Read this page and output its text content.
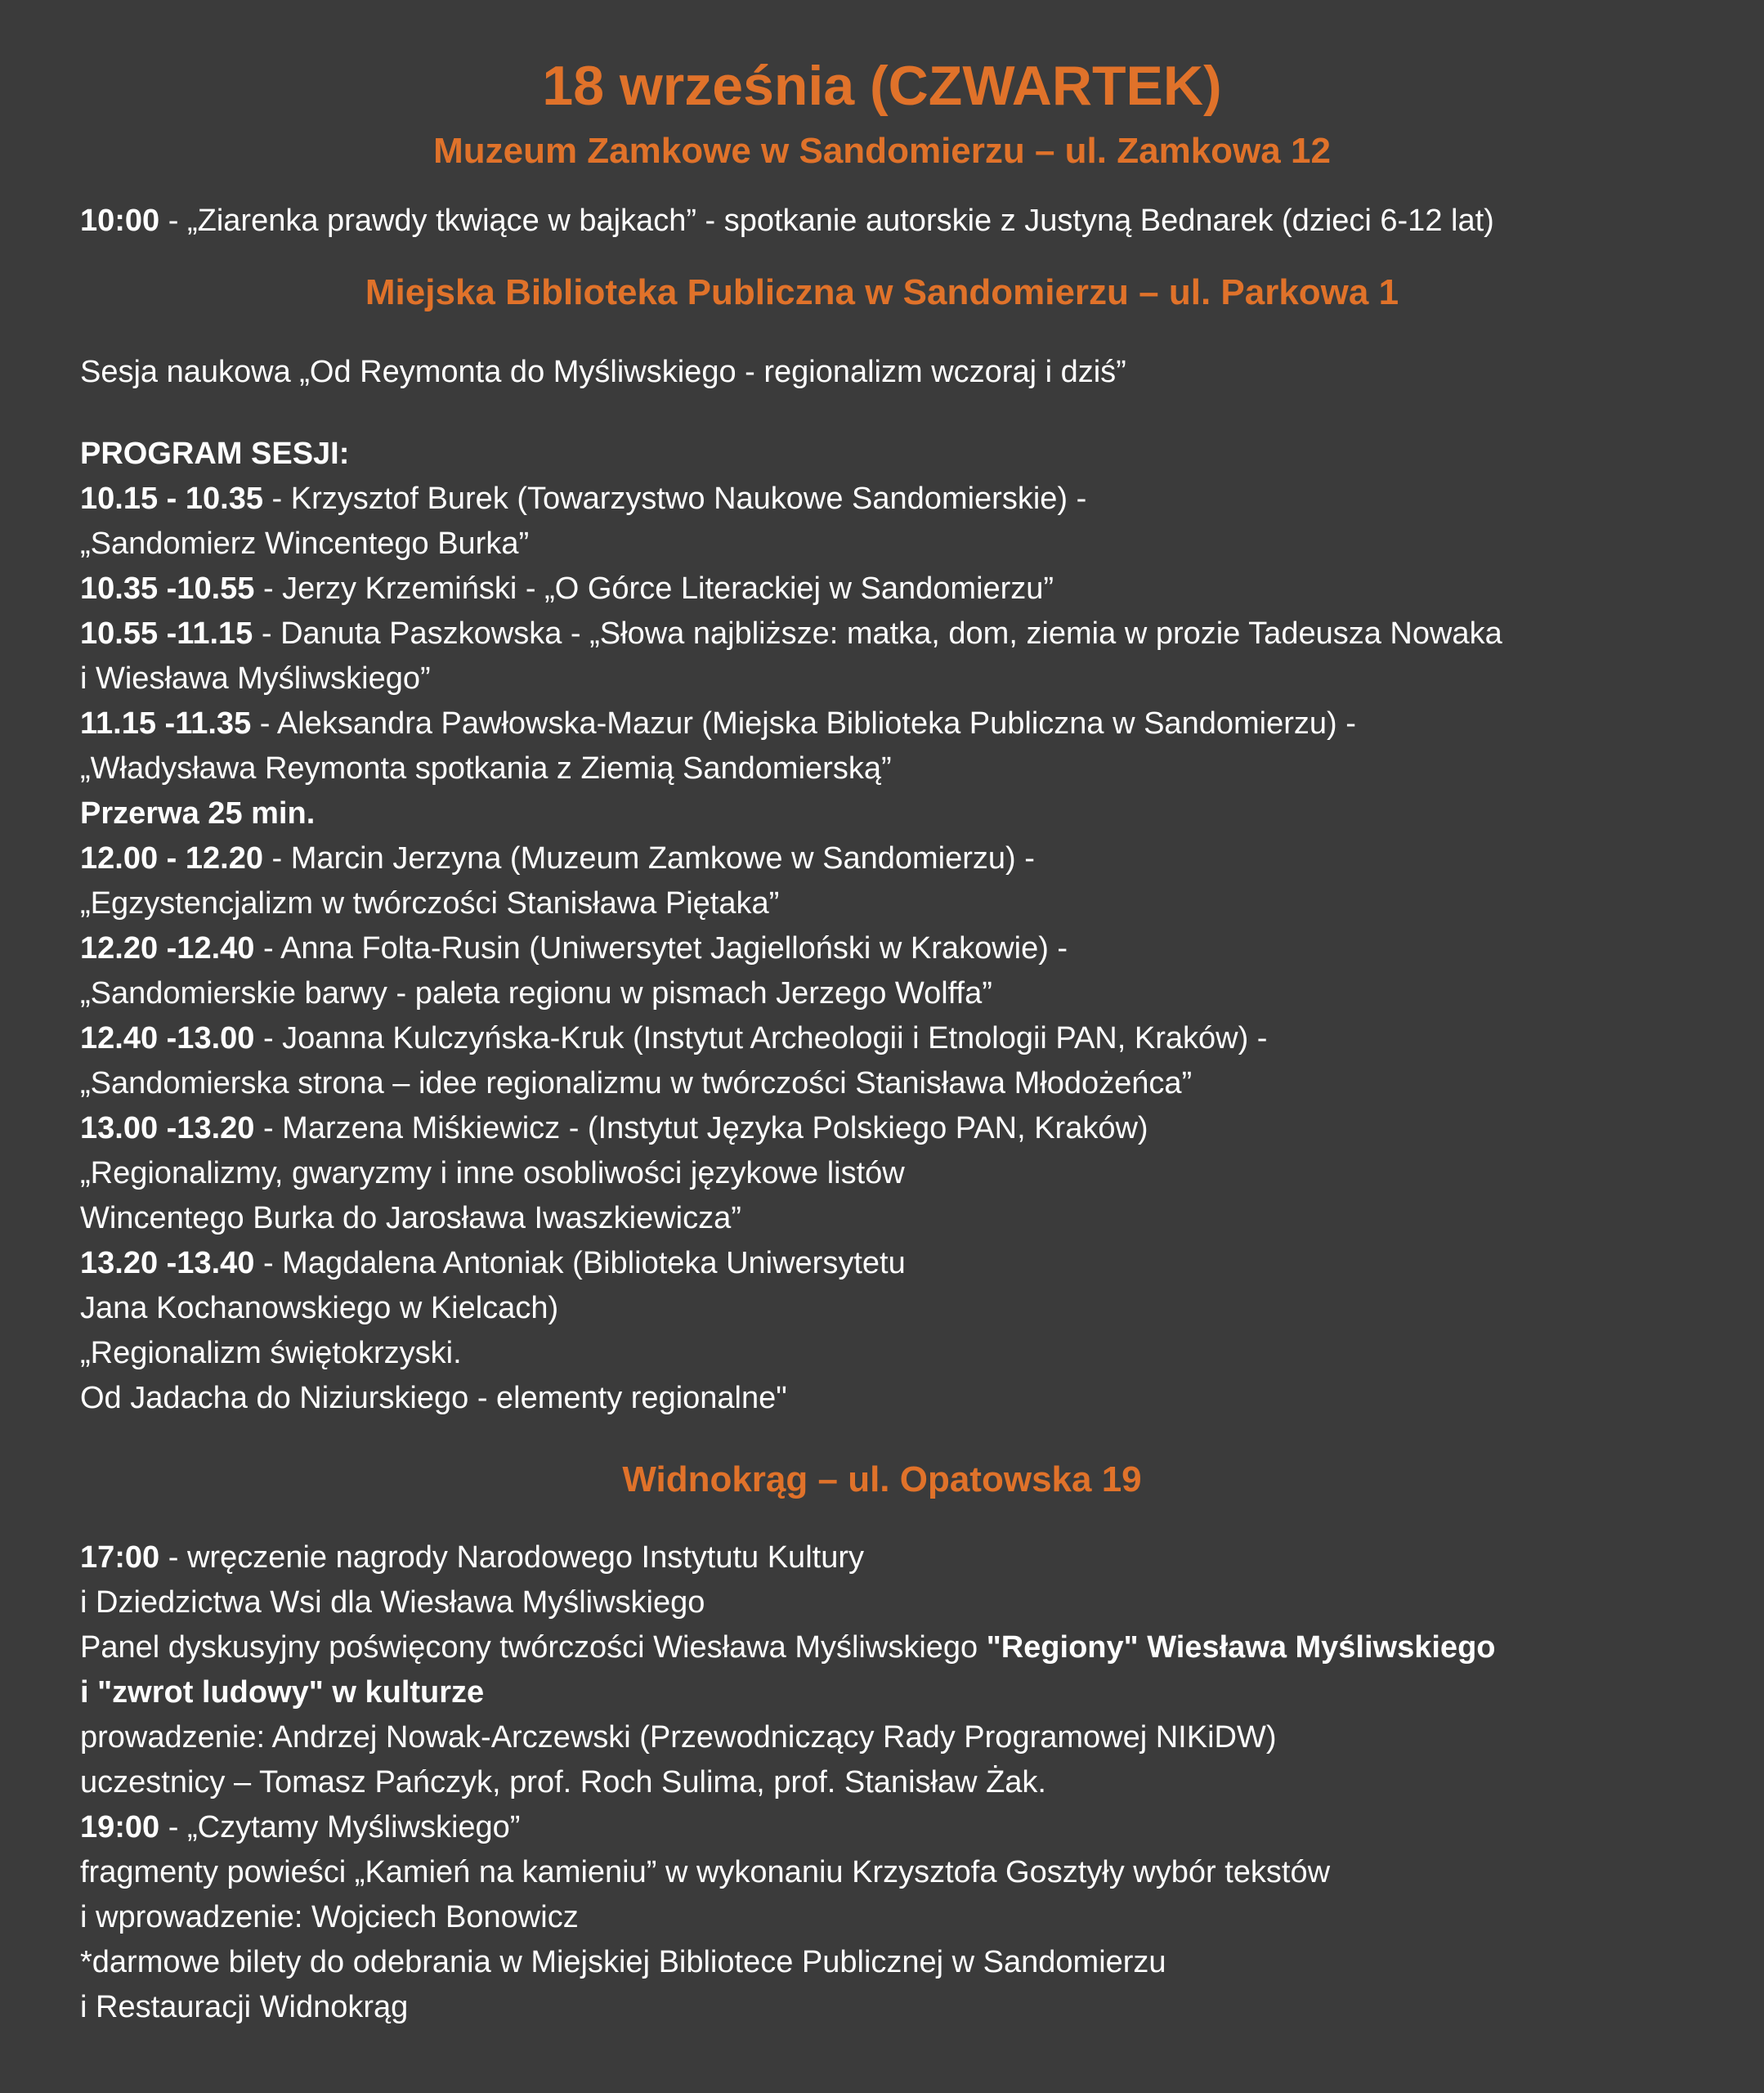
18 września (CZWARTEK)
Muzeum Zamkowe w Sandomierzu – ul. Zamkowa 12
10:00 - „Ziarenka prawdy tkwiące w bajkach” - spotkanie autorskie z Justyną Bednarek (dzieci 6-12 lat)
Miejska Biblioteka Publiczna w Sandomierzu – ul. Parkowa 1
Sesja naukowa „Od Reymonta do Myśliwskiego - regionalizm wczoraj i dziś”
PROGRAM SESJI:
10.15 - 10.35 - Krzysztof Burek (Towarzystwo Naukowe Sandomierskie) -
„Sandomierz Wincentego Burka”
10.35 -10.55 - Jerzy Krzemiński - „O Górce Literackiej w Sandomierzu”
10.55 -11.15 - Danuta Paszkowska - „Słowa najbliższe: matka, dom, ziemia w prozie Tadeusza Nowaka
i Wiesława Myśliwskiego”
11.15 -11.35 - Aleksandra Pawłowska-Mazur (Miejska Biblioteka Publiczna w Sandomierzu) -
„Władysława Reymonta spotkania z Ziemią Sandomierską”
Przerwa 25 min.
12.00 - 12.20 - Marcin Jerzyna (Muzeum Zamkowe w Sandomierzu) -
„Egzystencjalizm w twórczości Stanisława Piętaka”
12.20 -12.40 - Anna Folta-Rusin (Uniwersytet Jagielloński w Krakowie) -
„Sandomierskie barwy - paleta regionu w pismach Jerzego Wolffa”
12.40 -13.00 - Joanna Kulczyńska-Kruk (Instytut Archeologii i Etnologii PAN, Kraków) -
„Sandomierska strona – idee regionalizmu w twórczości Stanisława Młodożeńca”
13.00 -13.20 - Marzena Miśkiewicz - (Instytut Języka Polskiego PAN, Kraków)
„Regionalizmy, gwaryzmy i inne osobliwości językowe listów
Wincentego Burka do Jarosława Iwaszkiewicza”
13.20 -13.40 - Magdalena Antoniak (Biblioteka Uniwersytetu
Jana Kochanowskiego w Kielcach)
„Regionalizm świętokrzyski.
Od Jadacha do Niziurskiego - elementy regionalne"
Widnokrąg – ul. Opatowska 19
17:00 - wręczenie nagrody Narodowego Instytutu Kultury
i Dziedzictwa Wsi dla Wiesława Myśliwskiego
Panel dyskusyjny poświęcony twórczości Wiesława Myśliwskiego "Regiony" Wiesława Myśliwskiego
i "zwrot ludowy" w kulturze
prowadzenie: Andrzej Nowak-Arczewski (Przewodniczący Rady Programowej NIKiDW)
uczestnicy – Tomasz Pańczyk, prof. Roch Sulima, prof. Stanisław Żak.
19:00 - „Czytamy Myśliwskiego”
fragmenty powieści „Kamień na kamieniu” w wykonaniu Krzysztofa Gosztyły wybór tekstów
i wprowadzenie: Wojciech Bonowicz
*darmowe bilety do odebrania w Miejskiej Bibliotece Publicznej w Sandomierzu
i Restauracji Widnokrąg
